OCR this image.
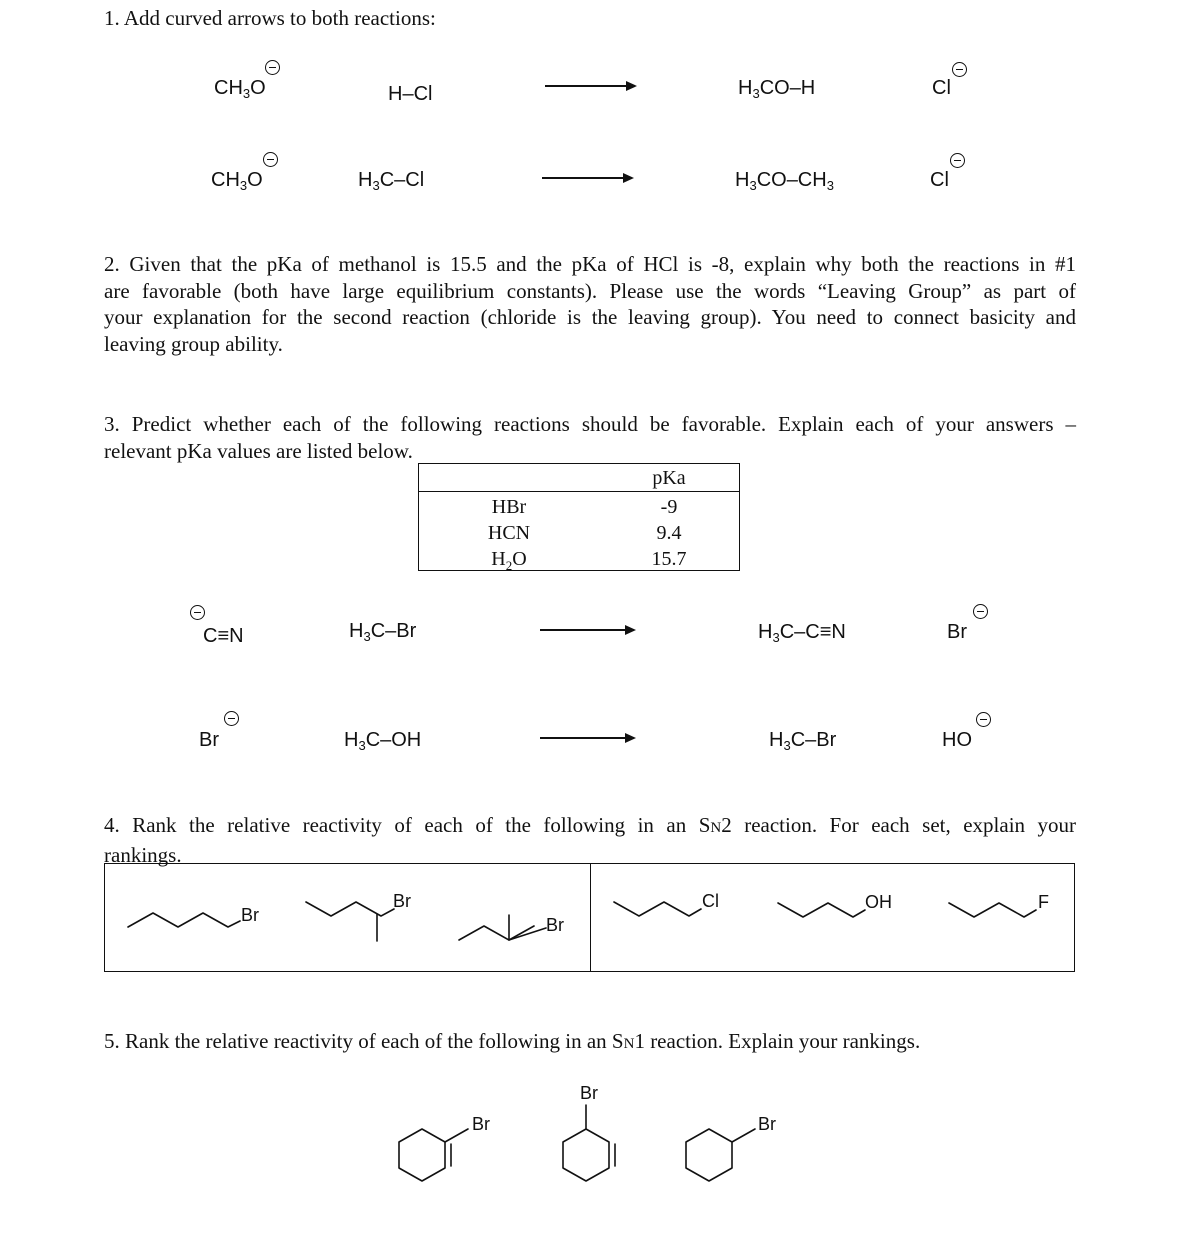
1. Add curved arrows to both reactions:
$CH_3O$	H–Cl	$H_3CO-H$	Cl
$CH_3O$	$H_3C-Cl$	$H_3CO-CH_3$	Cl
2. Given that the pKa of methanol is 15.5 and the pKa of HCl is -8, explain why both the reactions in #1
are favorable (both have large equilibrium constants). Please use the words “Leaving Group” as part of
your explanation for the second reaction (chloride is the leaving group). You need to connect basicity and
leaving group ability.
3. Predict whether each of the following reactions should be favorable. Explain each of your answers –
relevant pKa values are listed below.
pKa
HBr	-9
HCN	9.4
$H_2O$	15.7
C≡N	$H_3C-Br$	$H_3C-C\equiv N$	Br
Br	$H_3C-OH$	$H_3C-Br$	HO
4. Rank the relative reactivity of each of the following in an SN2 reaction. For each set, explain your
rankings.
Br
Br
Br
Cl	OH	F
Br
Br
Br
5. Rank the relative reactivity of each of the following in an SN1 reaction. Explain your rankings.
